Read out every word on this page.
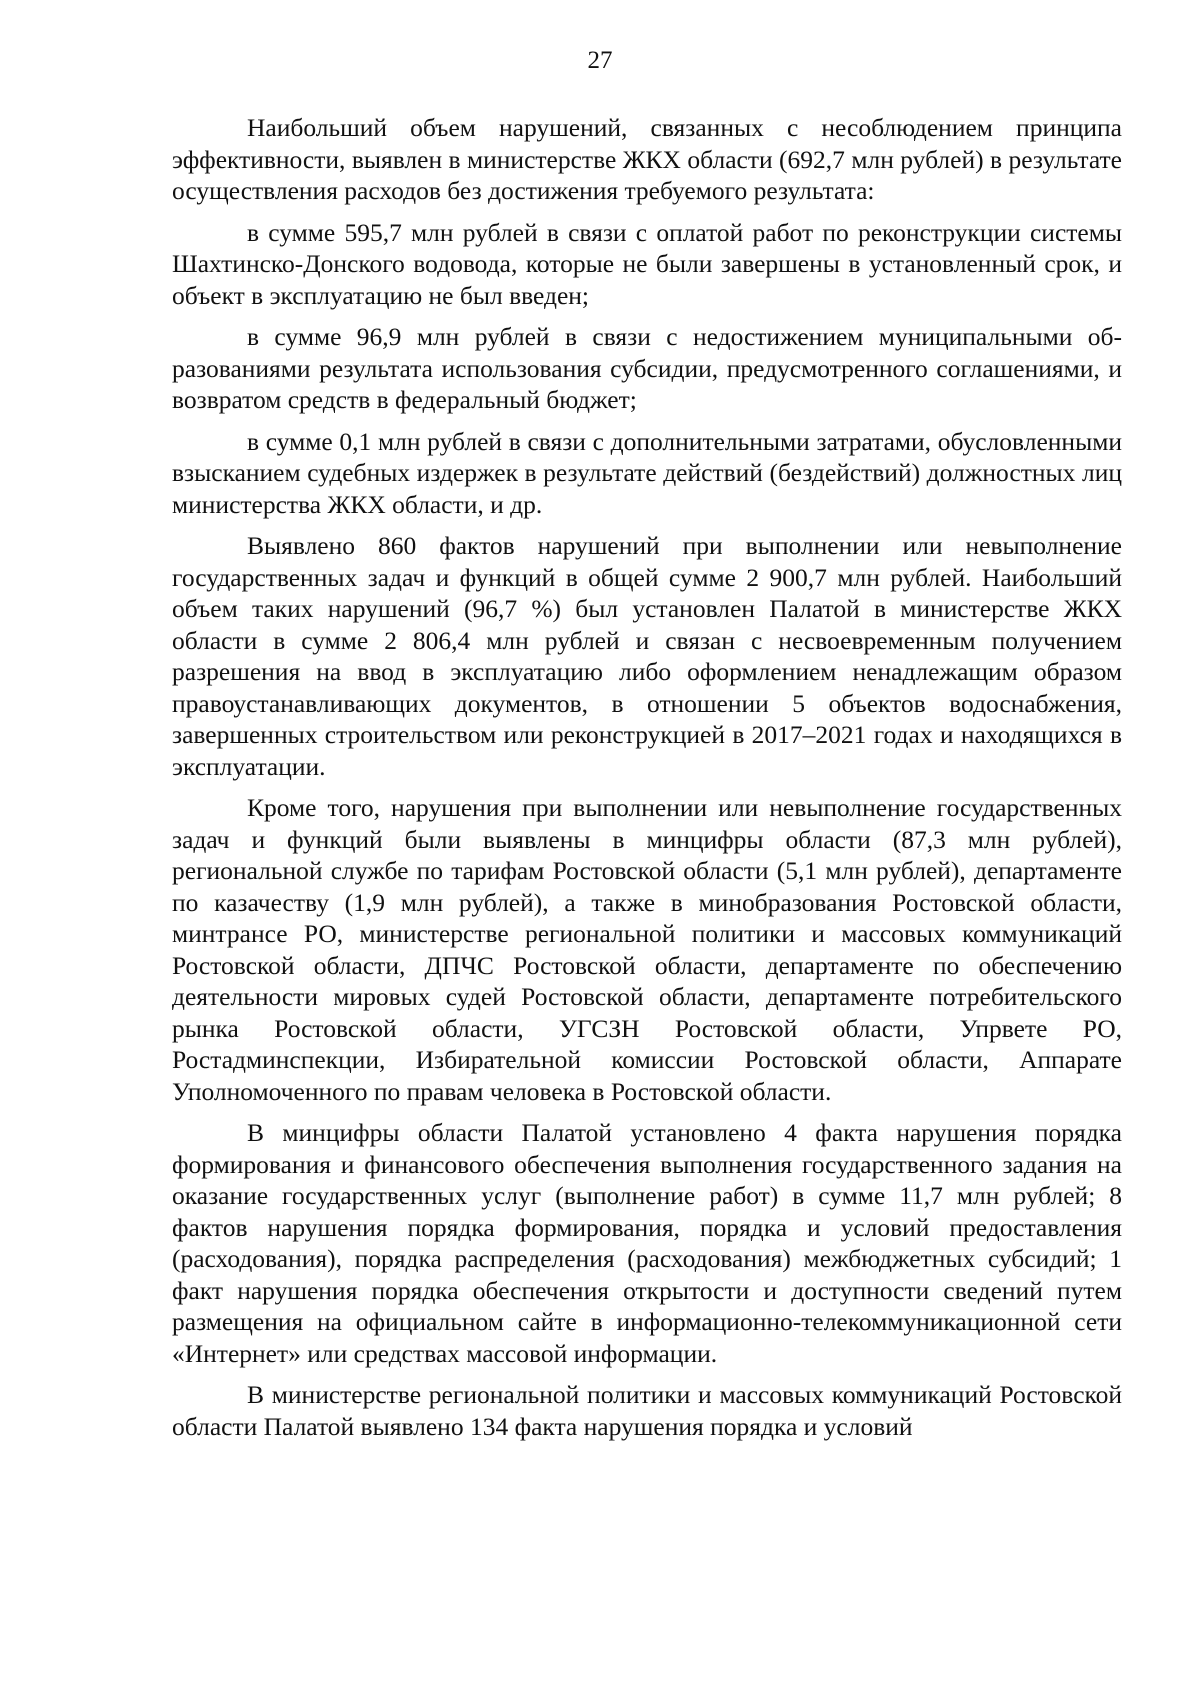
27

Наибольший объем нарушений, связанных с несоблюдением принципа эффективности, выявлен в министерстве ЖКХ области (692,7 млн рублей) в результате осуществления расходов без достижения требуемого результата:

в сумме 595,7 млн рублей в связи с оплатой работ по реконструкции системы Шахтинско-Донского водовода, которые не были завершены в установленный срок, и объект в эксплуатацию не был введен;

в сумме 96,9 млн рублей в связи с недостижением муниципальными образованиями результата использования субсидии, предусмотренного соглашениями, и возвратом средств в федеральный бюджет;

в сумме 0,1 млн рублей в связи с дополнительными затратами, обусловленными взысканием судебных издержек в результате действий (бездействий) должностных лиц министерства ЖКХ области, и др.

Выявлено 860 фактов нарушений при выполнении или невыполнение государственных задач и функций в общей сумме 2 900,7 млн рублей. Наибольший объем таких нарушений (96,7 %) был установлен Палатой в министерстве ЖКХ области в сумме 2 806,4 млн рублей и связан с несвоевременным получением разрешения на ввод в эксплуатацию либо оформлением ненадлежащим образом правоустанавливающих документов, в отношении 5 объектов водоснабжения, завершенных строительством или реконструкцией в 2017–2021 годах и находящихся в эксплуатации.

Кроме того, нарушения при выполнении или невыполнение государственных задач и функций были выявлены в минцифры области (87,3 млн рублей), региональной службе по тарифам Ростовской области (5,1 млн рублей), департаменте по казачеству (1,9 млн рублей), а также в минобразования Ростовской области, минтрансе РО, министерстве региональной политики и массовых коммуникаций Ростовской области, ДПЧС Ростовской области, департаменте по обеспечению деятельности мировых судей Ростовской области, департаменте потребительского рынка Ростовской области, УГСЗН Ростовской области, Упрвете РО, Ростадминспекции, Избирательной комиссии Ростовской области, Аппарате Уполномоченного по правам человека в Ростовской области.

В минцифры области Палатой установлено 4 факта нарушения порядка формирования и финансового обеспечения выполнения государственного задания на оказание государственных услуг (выполнение работ) в сумме 11,7 млн рублей; 8 фактов нарушения порядка формирования, порядка и условий предоставления (расходования), порядка распределения (расходования) межбюджетных субсидий; 1 факт нарушения порядка обеспечения открытости и доступности сведений путем размещения на официальном сайте в информационно-телекоммуникационной сети «Интернет» или средствах массовой информации.

В министерстве региональной политики и массовых коммуникаций Ростовской области Палатой выявлено 134 факта нарушения порядка и условий
